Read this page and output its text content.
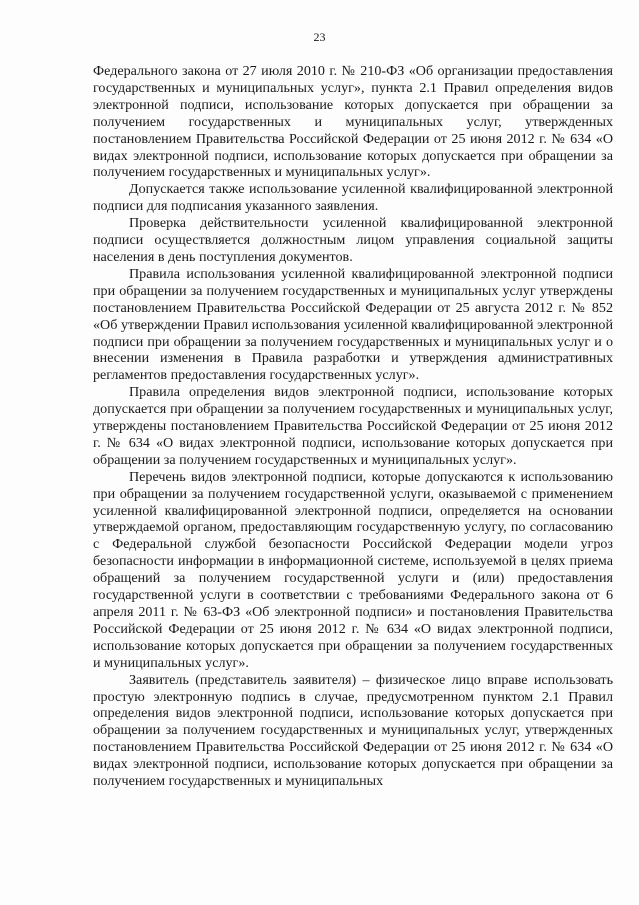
23

Федерального закона от 27 июля 2010 г. № 210-ФЗ «Об организации предоставления государственных и муниципальных услуг», пункта 2.1 Правил определения видов электронной подписи, использование которых допускается при обращении за получением государственных и муниципальных услуг, утвержденных постановлением Правительства Российской Федерации от 25 июня 2012 г. № 634 «О видах электронной подписи, использование которых допускается при обращении за получением государственных и муниципальных услуг».

Допускается также использование усиленной квалифицированной электронной подписи для подписания указанного заявления.

Проверка действительности усиленной квалифицированной электронной подписи осуществляется должностным лицом управления социальной защиты населения в день поступления документов.

Правила использования усиленной квалифицированной электронной подписи при обращении за получением государственных и муниципальных услуг утверждены постановлением Правительства Российской Федерации от 25 августа 2012 г. № 852 «Об утверждении Правил использования усиленной квалифицированной электронной подписи при обращении за получением государственных и муниципальных услуг и о внесении изменения в Правила разработки и утверждения административных регламентов предоставления государственных услуг».

Правила определения видов электронной подписи, использование которых допускается при обращении за получением государственных и муниципальных услуг, утверждены постановлением Правительства Российской Федерации от 25 июня 2012 г. № 634 «О видах электронной подписи, использование которых допускается при обращении за получением государственных и муниципальных услуг».

Перечень видов электронной подписи, которые допускаются к использованию при обращении за получением государственной услуги, оказываемой с применением усиленной квалифицированной электронной подписи, определяется на основании утверждаемой органом, предоставляющим государственную услугу, по согласованию с Федеральной службой безопасности Российской Федерации модели угроз безопасности информации в информационной системе, используемой в целях приема обращений за получением государственной услуги и (или) предоставления государственной услуги в соответствии с требованиями Федерального закона от 6 апреля 2011 г. № 63-ФЗ «Об электронной подписи» и постановления Правительства Российской Федерации от 25 июня 2012 г. № 634 «О видах электронной подписи, использование которых допускается при обращении за получением государственных и муниципальных услуг».

Заявитель (представитель заявителя) – физическое лицо вправе использовать простую электронную подпись в случае, предусмотренном пунктом 2.1 Правил определения видов электронной подписи, использование которых допускается при обращении за получением государственных и муниципальных услуг, утвержденных постановлением Правительства Российской Федерации от 25 июня 2012 г. № 634 «О видах электронной подписи, использование которых допускается при обращении за получением государственных и муниципальных
